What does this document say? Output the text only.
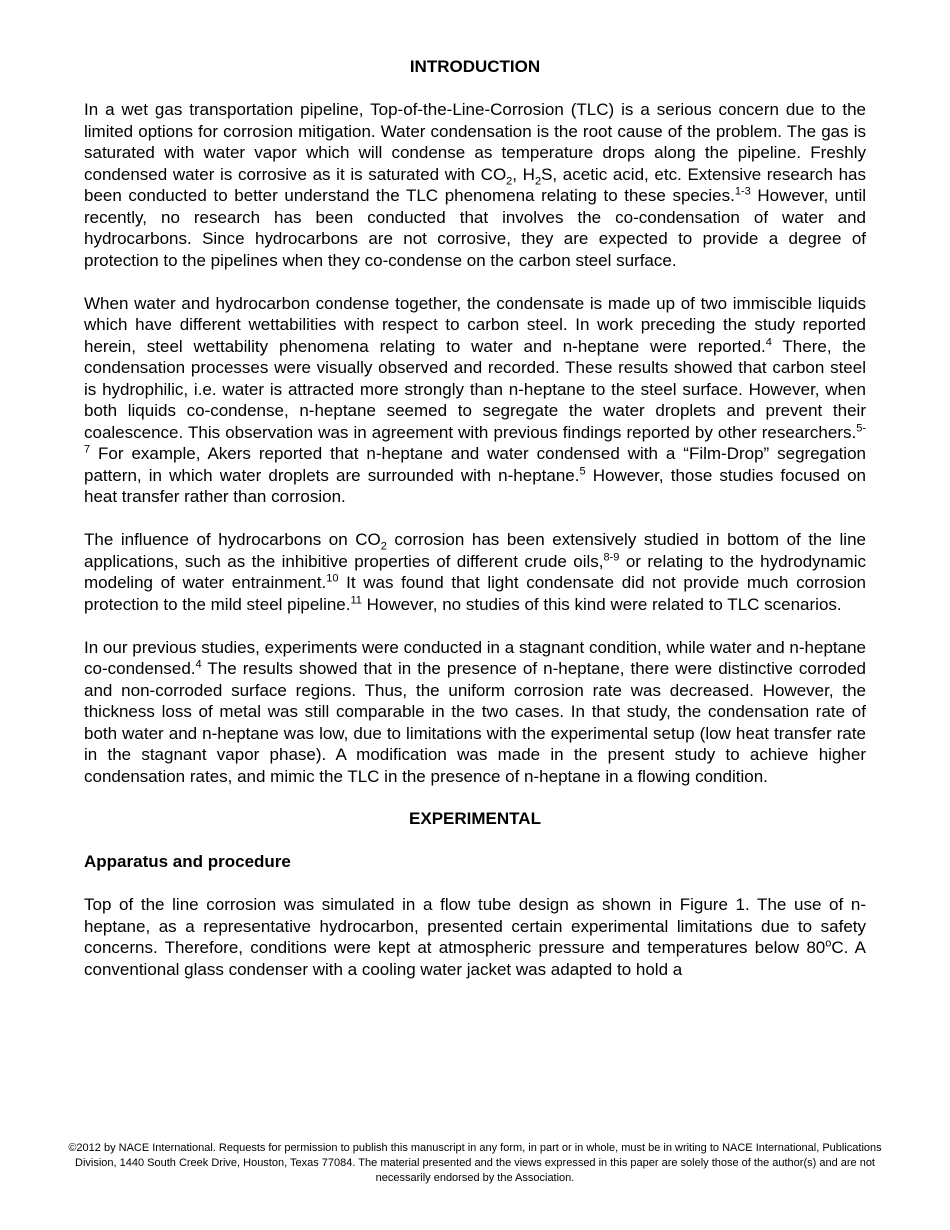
INTRODUCTION

In a wet gas transportation pipeline, Top-of-the-Line-Corrosion (TLC) is a serious concern due to the limited options for corrosion mitigation. Water condensation is the root cause of the problem. The gas is saturated with water vapor which will condense as temperature drops along the pipeline. Freshly condensed water is corrosive as it is saturated with $CO_2$, $H_2S$, acetic acid, etc. Extensive research has been conducted to better understand the TLC phenomena relating to these species.$^{1-3}$ However, until recently, no research has been conducted that involves the co-condensation of water and hydrocarbons. Since hydrocarbons are not corrosive, they are expected to provide a degree of protection to the pipelines when they co-condense on the carbon steel surface.

When water and hydrocarbon condense together, the condensate is made up of two immiscible liquids which have different wettabilities with respect to carbon steel. In work preceding the study reported herein, steel wettability phenomena relating to water and n-heptane were reported.$^4$ There, the condensation processes were visually observed and recorded. These results showed that carbon steel is hydrophilic, i.e. water is attracted more strongly than n-heptane to the steel surface. However, when both liquids co-condense, n-heptane seemed to segregate the water droplets and prevent their coalescence. This observation was in agreement with previous findings reported by other researchers.$^{5-7}$ For example, Akers reported that n-heptane and water condensed with a “Film-Drop” segregation pattern, in which water droplets are surrounded with n-heptane.$^5$ However, those studies focused on heat transfer rather than corrosion.

The influence of hydrocarbons on $CO_2$ corrosion has been extensively studied in bottom of the line applications, such as the inhibitive properties of different crude oils,$^{8-9}$ or relating to the hydrodynamic modeling of water entrainment.$^{10}$ It was found that light condensate did not provide much corrosion protection to the mild steel pipeline.$^{11}$ However, no studies of this kind were related to TLC scenarios.

In our previous studies, experiments were conducted in a stagnant condition, while water and n-heptane co-condensed.$^4$ The results showed that in the presence of n-heptane, there were distinctive corroded and non-corroded surface regions. Thus, the uniform corrosion rate was decreased. However, the thickness loss of metal was still comparable in the two cases. In that study, the condensation rate of both water and n-heptane was low, due to limitations with the experimental setup (low heat transfer rate in the stagnant vapor phase). A modification was made in the present study to achieve higher condensation rates, and mimic the TLC in the presence of n-heptane in a flowing condition.

EXPERIMENTAL
Apparatus and procedure

Top of the line corrosion was simulated in a flow tube design as shown in Figure 1. The use of n-heptane, as a representative hydrocarbon, presented certain experimental limitations due to safety concerns. Therefore, conditions were kept at atmospheric pressure and temperatures below 80$^o$C. A conventional glass condenser with a cooling water jacket was adapted to hold a

©2012 by NACE International. Requests for permission to publish this manuscript in any form, in part or in whole, must be in writing to NACE International, Publications Division, 1440 South Creek Drive, Houston, Texas 77084. The material presented and the views expressed in this paper are solely those of the author(s) and are not necessarily endorsed by the Association.
